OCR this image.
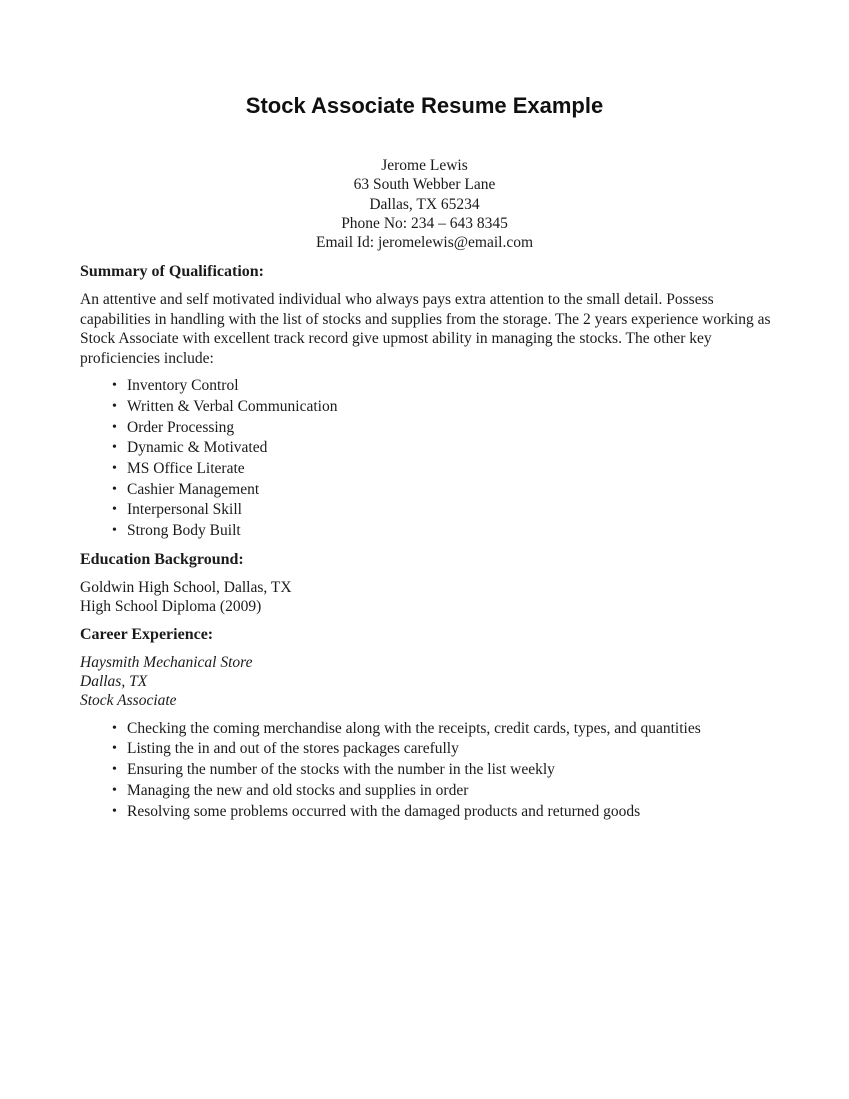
Stock Associate Resume Example
Jerome Lewis
63 South Webber Lane
Dallas, TX 65234
Phone No: 234 – 643 8345
Email Id: jeromelewis@email.com
Summary of Qualification:

An attentive and self motivated individual who always pays extra attention to the small detail. Possess capabilities in handling with the list of stocks and supplies from the storage. The 2 years experience working as Stock Associate with excellent track record give upmost ability in managing the stocks. The other key proficiencies include:

• Inventory Control
• Written & Verbal Communication
• Order Processing
• Dynamic & Motivated
• MS Office Literate
• Cashier Management
• Interpersonal Skill
• Strong Body Built
Education Background:
Goldwin High School, Dallas, TX
High School Diploma (2009)
Career Experience:
Haysmith Mechanical Store
Dallas, TX
Stock Associate
• Checking the coming merchandise along with the receipts, credit cards, types, and quantities
• Listing the in and out of the stores packages carefully
• Ensuring the number of the stocks with the number in the list weekly
• Managing the new and old stocks and supplies in order
• Resolving some problems occurred with the damaged products and returned goods
